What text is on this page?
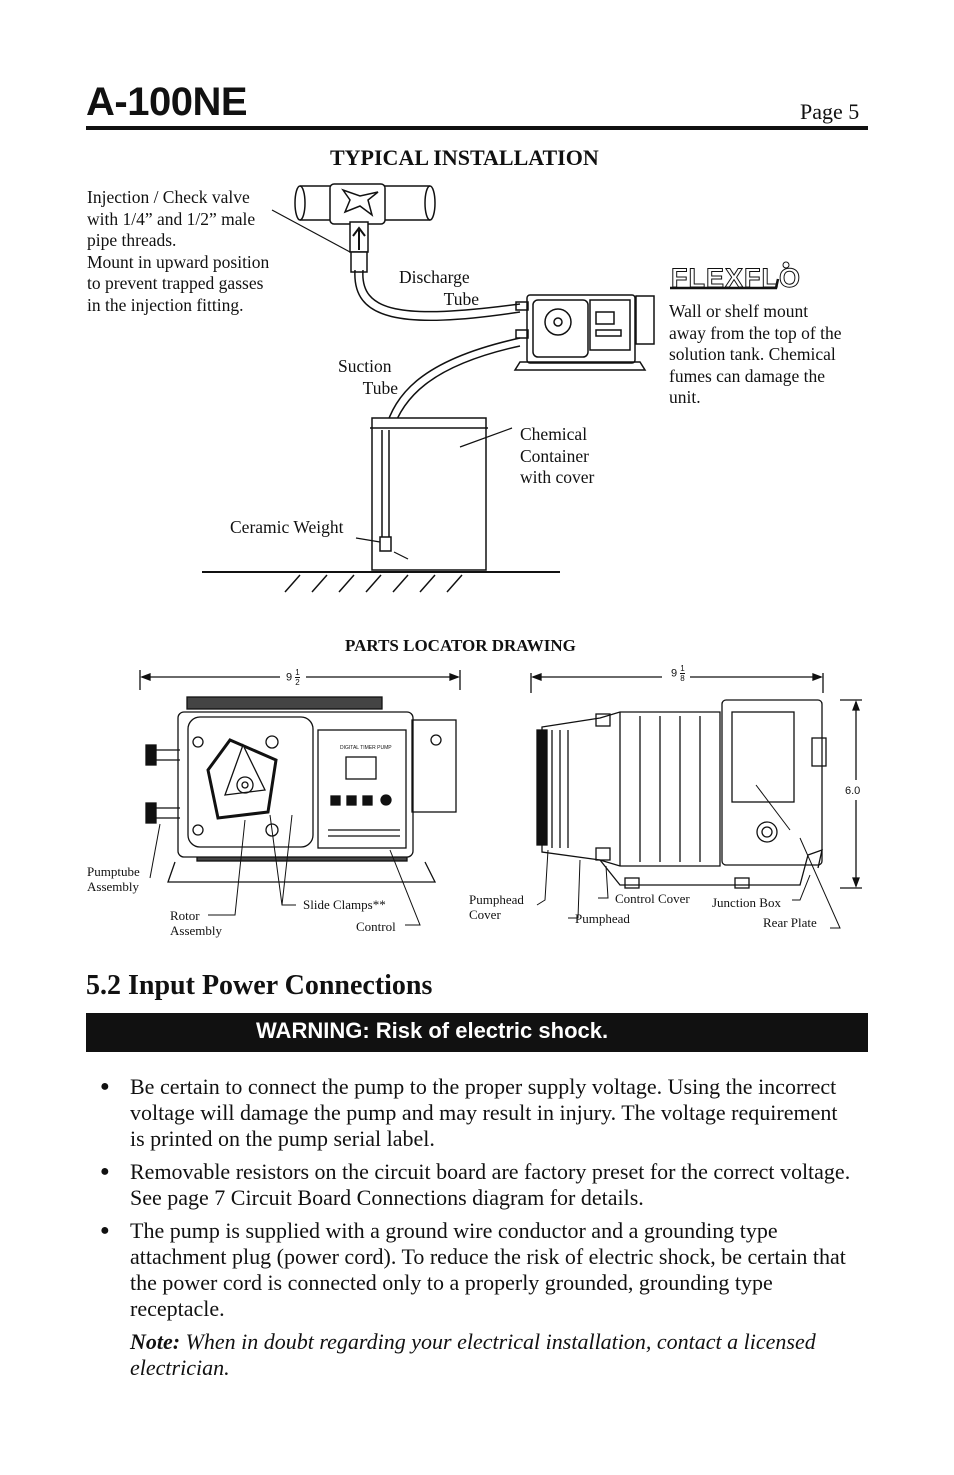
A-100NE	Page 5
TYPICAL INSTALLATION
Injection / Check valve
with 1/4” and 1/2” male
pipe threads.
Mount in upward position
to prevent trapped gasses
in the injection fitting.
Discharge
Tube
Suction
Tube
Chemical
Container
with cover
Ceramic Weight
Wall or shelf mount
away from the top of the
solution tank. Chemical
fumes can damage the
unit.
PARTS LOCATOR DRAWING
Pumptube
Assembly
Rotor
Assembly
Slide Clamps**
Control
Pumphead
Cover	Pumphead
Control Cover Junction Box
Rear Plate
$9 \frac{1}{2}$	$9 \frac{1}{8}$
6.0
FLEXFLO
DIGITAL TIMER PUMP
5.2 Input Power Connections
WARNING: Risk of electric shock.
● Be certain to connect the pump to the proper supply voltage. Using the incorrect voltage will damage the pump and may result in injury. The voltage requirement is printed on the pump serial label.
● Removable resistors on the circuit board are factory preset for the correct voltage. See page 7 Circuit Board Connections diagram for details.
● The pump is supplied with a ground wire conductor and a grounding type attachment plug (power cord). To reduce the risk of electric shock, be certain that the power cord is connected only to a properly grounded, grounding type receptacle.
Note: When in doubt regarding your electrical installation, contact a licensed electrician.
